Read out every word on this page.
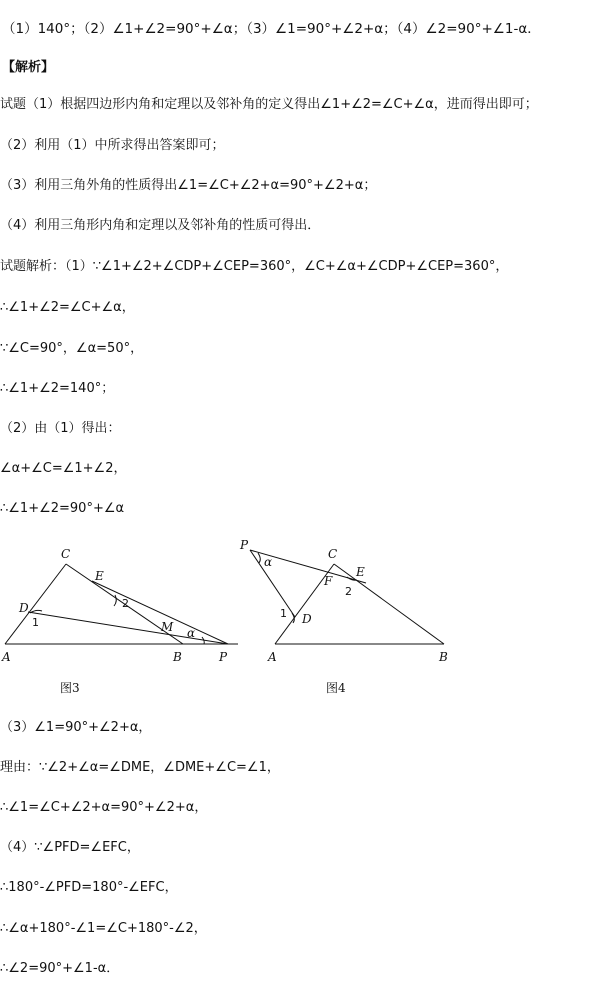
（1）140°；（2）∠1+∠2=90°+∠α；（3）∠1=90°+∠2+α；（4）∠2=90°+∠1-α．
【解析】
试题（1）根据四边形内角和定理以及邻补角的定义得出∠1+∠2=∠C+∠α，进而得出即可；
（2）利用（1）中所求得出答案即可；
（3）利用三角外角的性质得出∠1=∠C+∠2+α=90°+∠2+α；
（4）利用三角形内角和定理以及邻补角的性质可得出．
试题解析：（1）∵∠1+∠2+∠CDP+∠CEP=360°，∠C+∠α+∠CDP+∠CEP=360°，
∴∠1+∠2=∠C+∠α，
∵∠C=90°，∠α=50°，
∴∠1+∠2=140°；
（2）由（1）得出：
∠α+∠C=∠1+∠2，
∴∠1+∠2=90°+∠α
C
E
D
1
2
M α
A	B	P
P
C
E
F
D
1
2
α
A	B
图3	图4
（3）∠1=90°+∠2+α，
理由：∵∠2+∠α=∠DME，∠DME+∠C=∠1，
∴∠1=∠C+∠2+α=90°+∠2+α，
（4）∵∠PFD=∠EFC，
∴180°-∠PFD=180°-∠EFC，
∴∠α+180°-∠1=∠C+180°-∠2，
∴∠2=90°+∠1-α．
